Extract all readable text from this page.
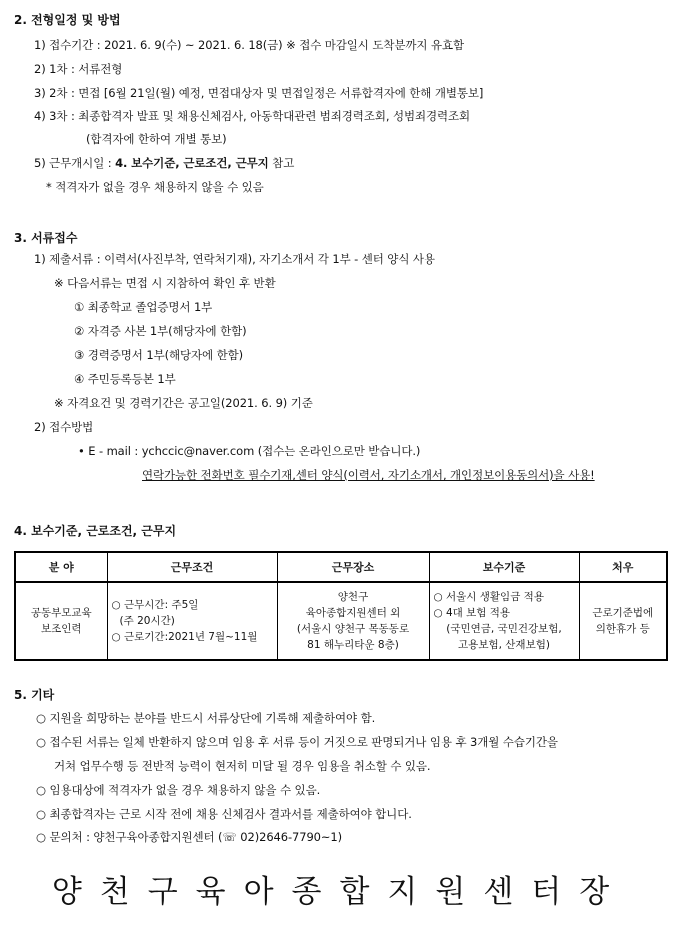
2. 전형일정 및 방법
1) 접수기간 : 2021. 6. 9(수) ~ 2021. 6. 18(금) ※ 접수 마감일시 도착분까지 유효함
2) 1차 : 서류전형
3) 2차 : 면접 [6월 21일(월) 예정, 면접대상자 및 면접일정은 서류합격자에 한해 개별통보]
4) 3차 : 최종합격자 발표 및 채용신체검사, 아동학대관련 범죄경력조회, 성범죄경력조회
(합격자에 한하여 개별 통보)
5) 근무개시일 : 4. 보수기준, 근로조건, 근무지 참고
* 적격자가 없을 경우 채용하지 않을 수 있음
3. 서류접수
1) 제출서류 : 이력서(사진부착, 연락처기재), 자기소개서 각 1부 - 센터 양식 사용
※ 다음서류는 면접 시 지참하여 확인 후 반환
① 최종학교 졸업증명서 1부
② 자격증 사본 1부(해당자에 한함)
③ 경력증명서 1부(해당자에 한함)
④ 주민등록등본 1부
※ 자격요건 및 경력기간은 공고일(2021. 6. 9) 기준
2) 접수방법
• E - mail : ychccic@naver.com (접수는 온라인으로만 받습니다.)
연락가능한 전화번호 필수기재,센터 양식(이력서, 자기소개서, 개인정보이용동의서)을 사용!
4. 보수기준, 근로조건, 근무지
분 야	근무조건	근무장소	보수기준	처우

공동부모교육
보조인력	○ 근무시간: 주5일
(주 20시간)
○ 근로기간:2021년 7월~11월	양천구
육아종합지원센터 외
(서울시 양천구 목동동로
81 해누리타운 8층)	○ 서울시 생활임금 적용
○ 4대 보험 적용
(국민연금, 국민건강보험,
고용보험, 산재보험)	근로기준법에
의한휴가 등
5. 기타
○ 지원을 희망하는 분야를 반드시 서류상단에 기록해 제출하여야 함.
○ 접수된 서류는 일체 반환하지 않으며 임용 후 서류 등이 거짓으로 판명되거나 임용 후 3개월 수습기간을
거쳐 업무수행 등 전반적 능력이 현저히 미달 될 경우 임용을 취소할 수 있음.
○ 임용대상에 적격자가 없을 경우 채용하지 않을 수 있음.
○ 최종합격자는 근로 시작 전에 채용 신체검사 결과서를 제출하여야 합니다.
○ 문의처 : 양천구육아종합지원센터 (☏ 02)2646-7790~1)
양천구육아종합지원센터장
